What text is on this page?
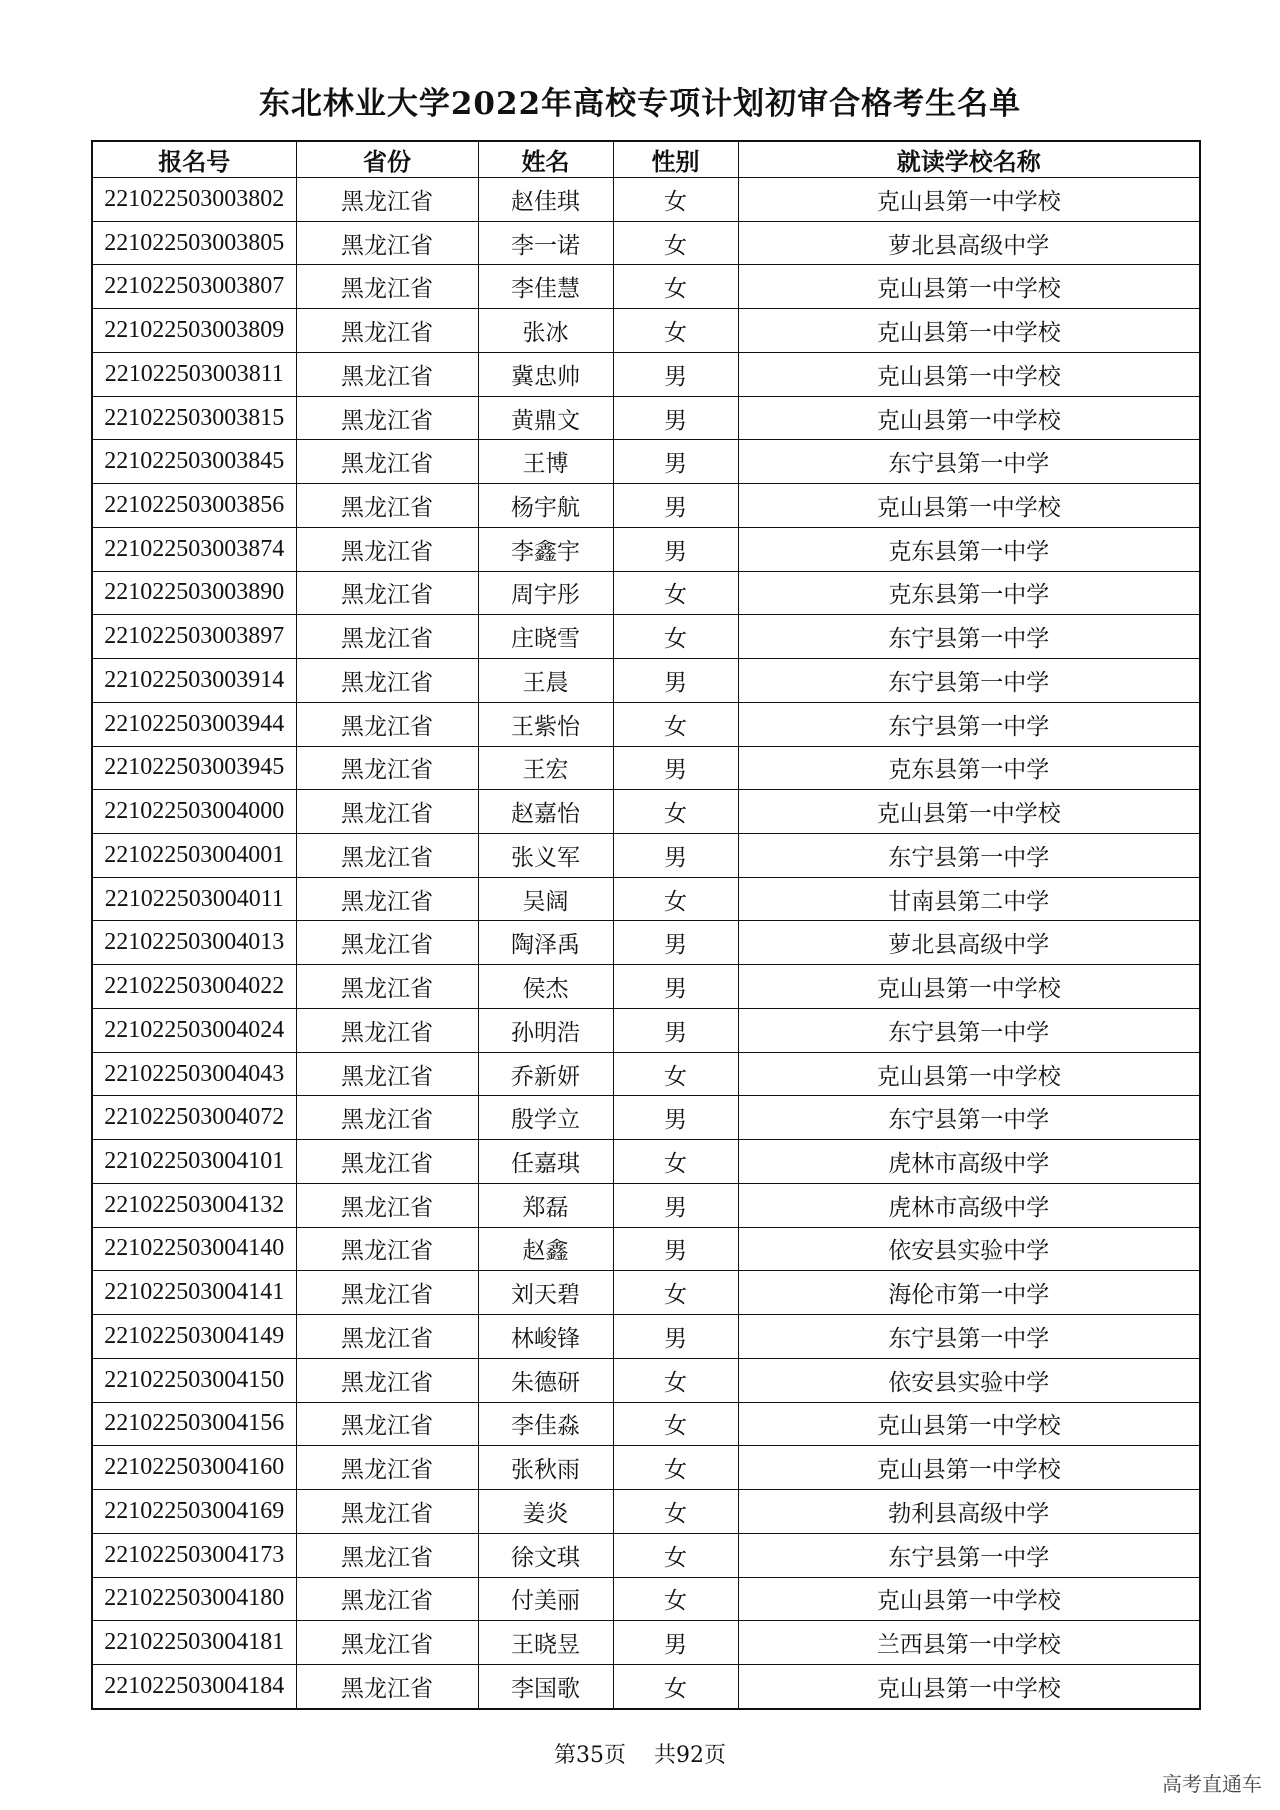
东北林业大学2022年高校专项计划初审合格考生名单
报名号	省份	姓名	性别	就读学校名称
221022503003802	黑龙江省	赵佳琪	女	克山县第一中学校
221022503003805	黑龙江省	李一诺	女	萝北县高级中学
221022503003807	黑龙江省	李佳慧	女	克山县第一中学校
221022503003809	黑龙江省	张冰	女	克山县第一中学校
221022503003811	黑龙江省	冀忠帅	男	克山县第一中学校
221022503003815	黑龙江省	黄鼎文	男	克山县第一中学校
221022503003845	黑龙江省	王博	男	东宁县第一中学
221022503003856	黑龙江省	杨宇航	男	克山县第一中学校
221022503003874	黑龙江省	李鑫宇	男	克东县第一中学
221022503003890	黑龙江省	周宇彤	女	克东县第一中学
221022503003897	黑龙江省	庄晓雪	女	东宁县第一中学
221022503003914	黑龙江省	王晨	男	东宁县第一中学
221022503003944	黑龙江省	王紫怡	女	东宁县第一中学
221022503003945	黑龙江省	王宏	男	克东县第一中学
221022503004000	黑龙江省	赵嘉怡	女	克山县第一中学校
221022503004001	黑龙江省	张义军	男	东宁县第一中学
221022503004011	黑龙江省	吴阔	女	甘南县第二中学
221022503004013	黑龙江省	陶泽禹	男	萝北县高级中学
221022503004022	黑龙江省	侯杰	男	克山县第一中学校
221022503004024	黑龙江省	孙明浩	男	东宁县第一中学
221022503004043	黑龙江省	乔新妍	女	克山县第一中学校
221022503004072	黑龙江省	殷学立	男	东宁县第一中学
221022503004101	黑龙江省	任嘉琪	女	虎林市高级中学
221022503004132	黑龙江省	郑磊	男	虎林市高级中学
221022503004140	黑龙江省	赵鑫	男	依安县实验中学
221022503004141	黑龙江省	刘天碧	女	海伦市第一中学
221022503004149	黑龙江省	林峻锋	男	东宁县第一中学
221022503004150	黑龙江省	朱德研	女	依安县实验中学
221022503004156	黑龙江省	李佳淼	女	克山县第一中学校
221022503004160	黑龙江省	张秋雨	女	克山县第一中学校
221022503004169	黑龙江省	姜炎	女	勃利县高级中学
221022503004173	黑龙江省	徐文琪	女	东宁县第一中学
221022503004180	黑龙江省	付美丽	女	克山县第一中学校
221022503004181	黑龙江省	王晓昱	男	兰西县第一中学校
221022503004184	黑龙江省	李国歌	女	克山县第一中学校
第35页 共92页
高考直通车
